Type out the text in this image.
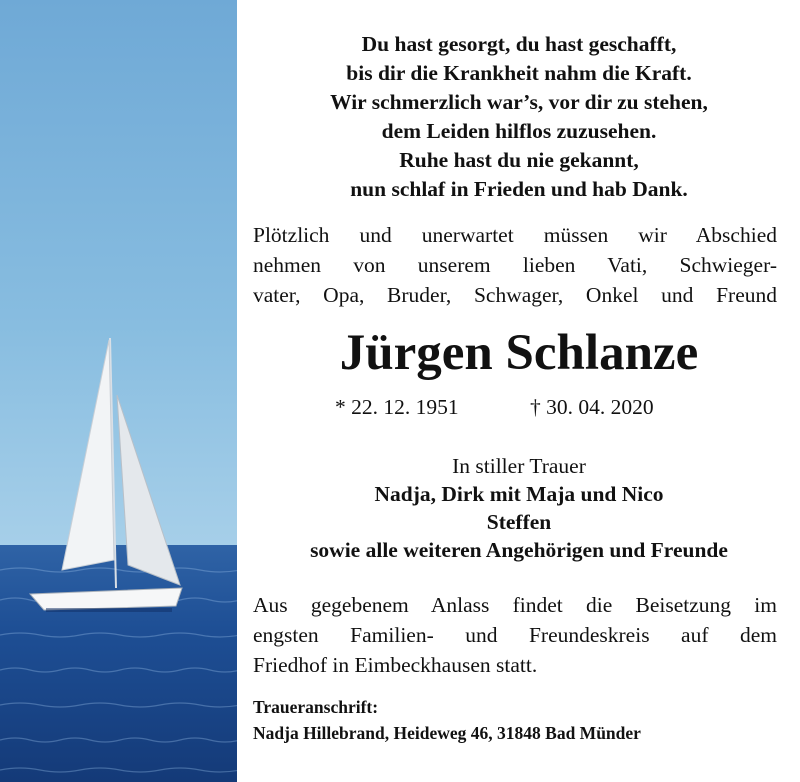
Du hast gesorgt, du hast geschafft,
bis dir die Krankheit nahm die Kraft.
Wir schmerzlich war’s, vor dir zu stehen,
dem Leiden hilflos zuzusehen.
Ruhe hast du nie gekannt,
nun schlaf in Frieden und hab Dank.
Plötzlich und unerwartet müssen wir Abschied
nehmen von unserem lieben Vati, Schwieger-
vater, Opa, Bruder, Schwager, Onkel und Freund
Jürgen Schlanze
* 22. 12. 1951	† 30. 04. 2020
In stiller Trauer
Nadja, Dirk mit Maja und Nico
Steffen
sowie alle weiteren Angehörigen und Freunde
Aus gegebenem Anlass findet die Beisetzung im
engsten Familien- und Freundeskreis auf dem
Friedhof in Eimbeckhausen statt.
Traueranschrift:
Nadja Hillebrand, Heideweg 46, 31848 Bad Münder
